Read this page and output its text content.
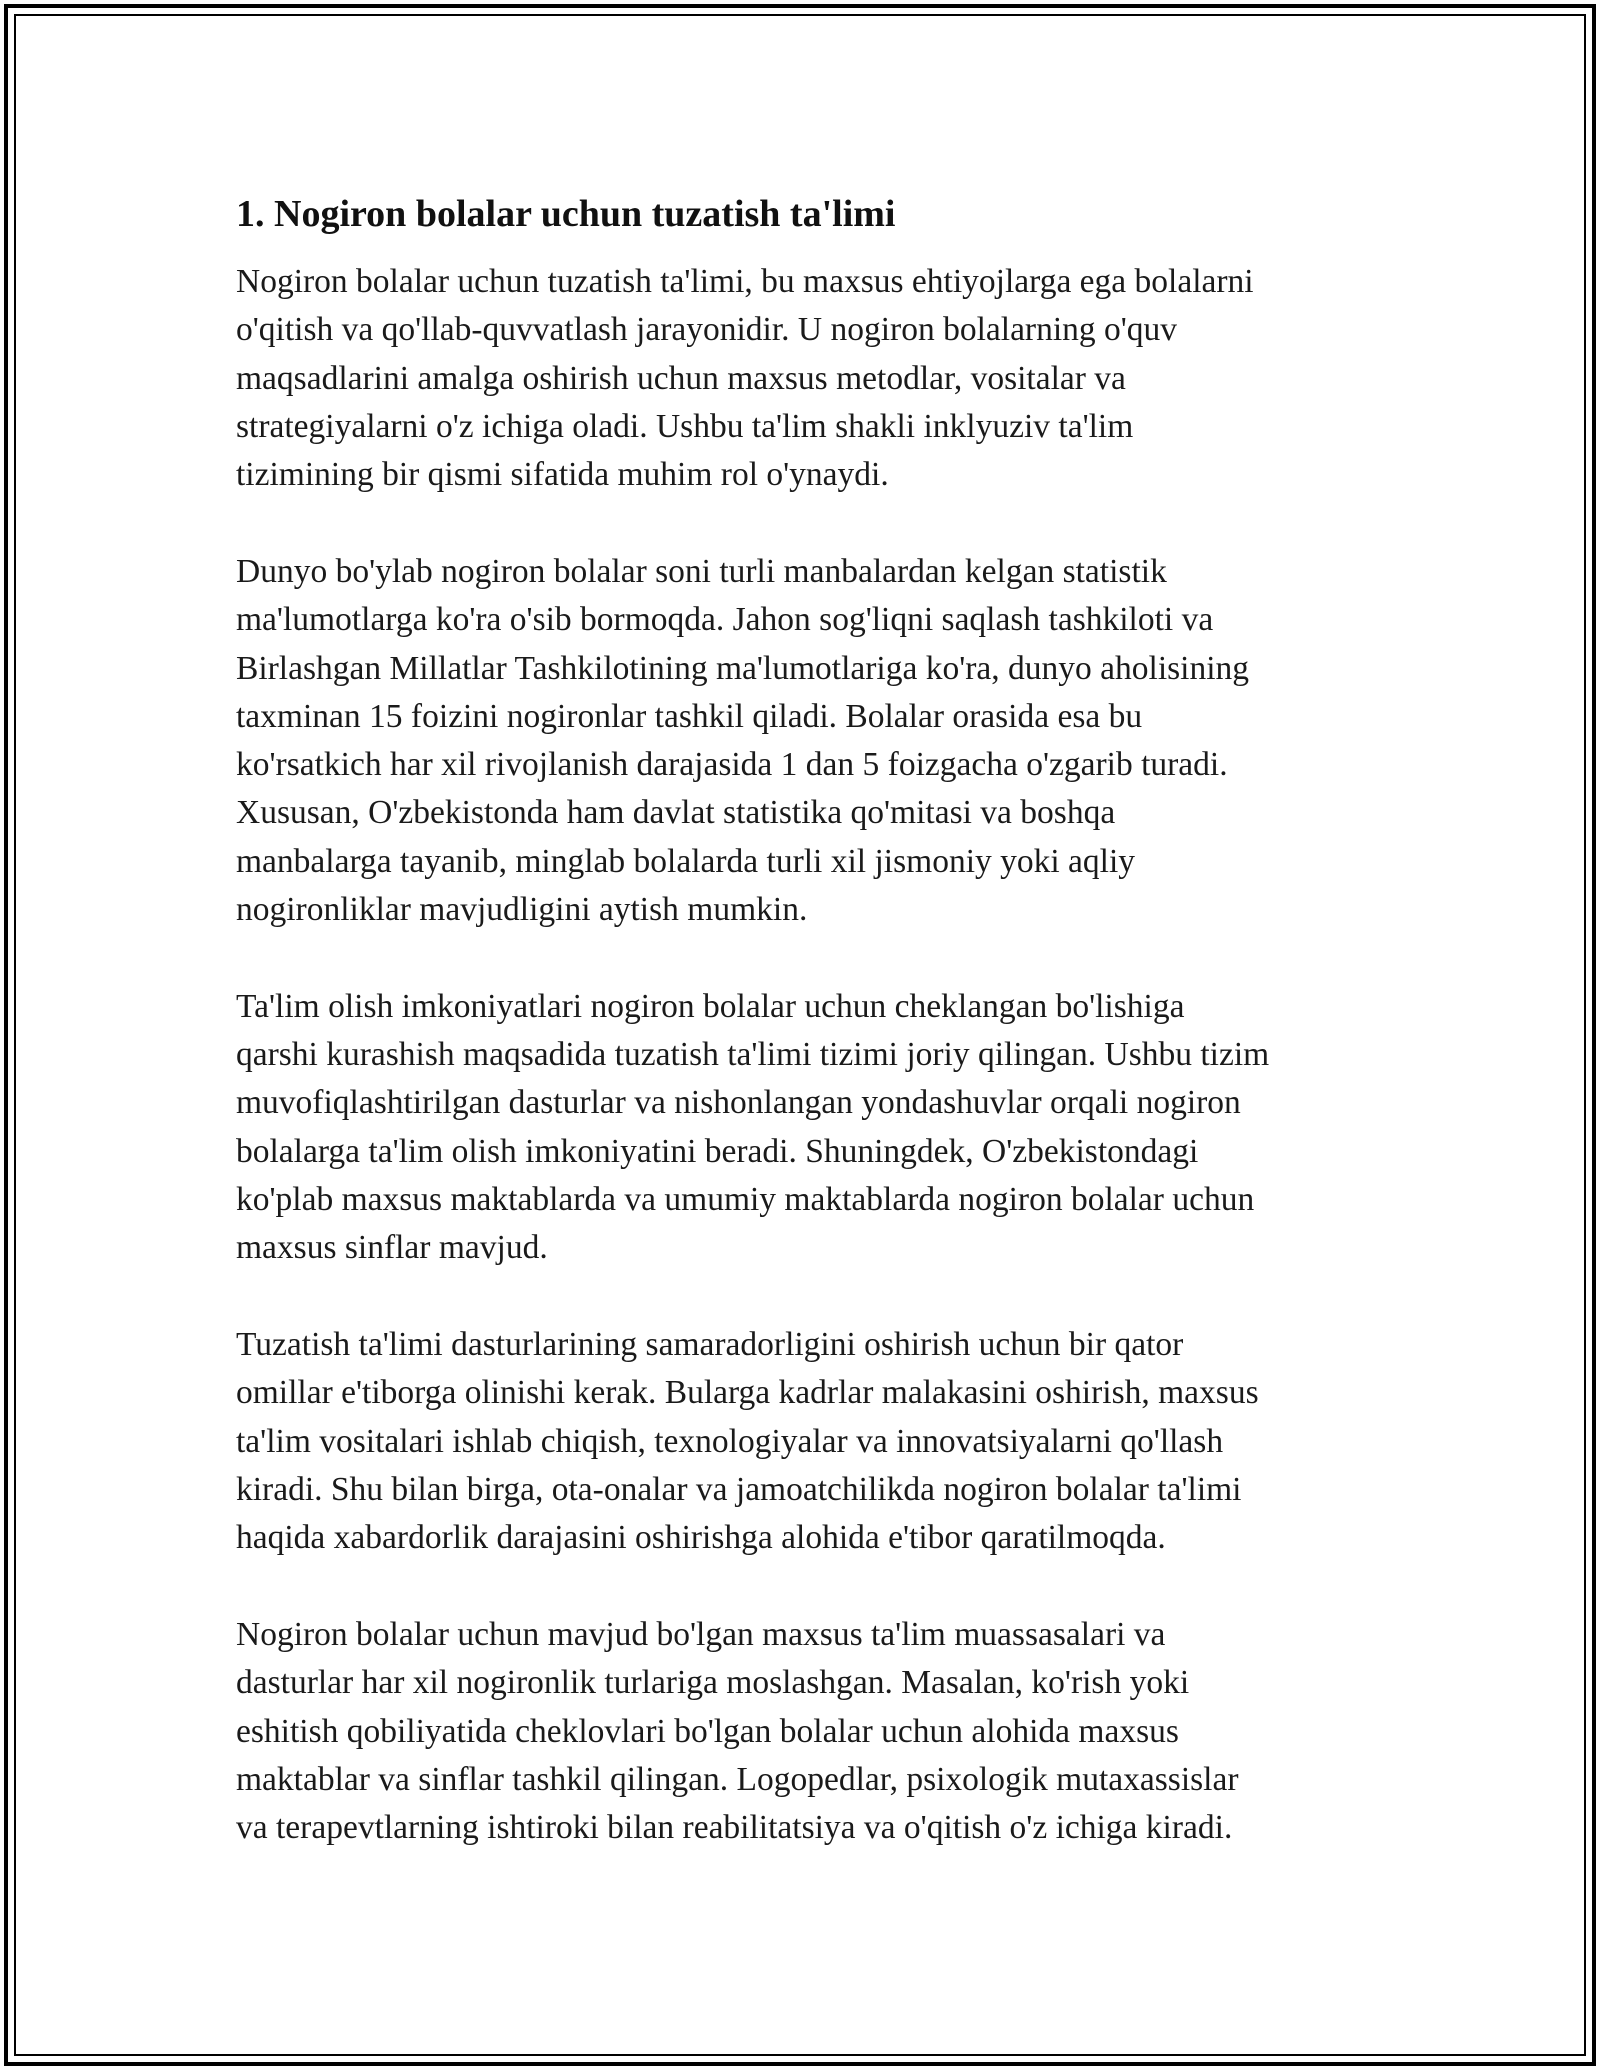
1. Nogiron bolalar uchun tuzatish ta'limi
Nogiron bolalar uchun tuzatish ta'limi, bu maxsus ehtiyojlarga ega bolalarni
o'qitish va qo'llab-quvvatlash jarayonidir. U nogiron bolalarning o'quv
maqsadlarini amalga oshirish uchun maxsus metodlar, vositalar va
strategiyalarni o'z ichiga oladi. Ushbu ta'lim shakli inklyuziv ta'lim
tizimining bir qismi sifatida muhim rol o'ynaydi.
Dunyo bo'ylab nogiron bolalar soni turli manbalardan kelgan statistik
ma'lumotlarga ko'ra o'sib bormoqda. Jahon sog'liqni saqlash tashkiloti va
Birlashgan Millatlar Tashkilotining ma'lumotlariga ko'ra, dunyo aholisining
taxminan 15 foizini nogironlar tashkil qiladi. Bolalar orasida esa bu
ko'rsatkich har xil rivojlanish darajasida 1 dan 5 foizgacha o'zgarib turadi.
Xususan, O'zbekistonda ham davlat statistika qo'mitasi va boshqa
manbalarga tayanib, minglab bolalarda turli xil jismoniy yoki aqliy
nogironliklar mavjudligini aytish mumkin.
Ta'lim olish imkoniyatlari nogiron bolalar uchun cheklangan bo'lishiga
qarshi kurashish maqsadida tuzatish ta'limi tizimi joriy qilingan. Ushbu tizim
muvofiqlashtirilgan dasturlar va nishonlangan yondashuvlar orqali nogiron
bolalarga ta'lim olish imkoniyatini beradi. Shuningdek, O'zbekistondagi
ko'plab maxsus maktablarda va umumiy maktablarda nogiron bolalar uchun
maxsus sinflar mavjud.
Tuzatish ta'limi dasturlarining samaradorligini oshirish uchun bir qator
omillar e'tiborga olinishi kerak. Bulargа kadrlar malakasini oshirish, maxsus
ta'lim vositalari ishlab chiqish, texnologiyalar va innovatsiyalarni qo'llash
kiradi. Shu bilan birga, ota-onalar va jamoatchilikda nogiron bolalar ta'limi
haqida xabardorlik darajasini oshirishga alohida e'tibor qaratilmoqda.
Nogiron bolalar uchun mavjud bo'lgan maxsus ta'lim muassasalari va
dasturlar har xil nogironlik turlariga moslashgan. Masalan, ko'rish yoki
eshitish qobiliyatida cheklovlari bo'lgan bolalar uchun alohida maxsus
maktablar va sinflar tashkil qilingan. Logopedlar, psixologik mutaxassislar
va terapevtlarning ishtiroki bilan reabilitatsiya va o'qitish o'z ichiga kiradi.
